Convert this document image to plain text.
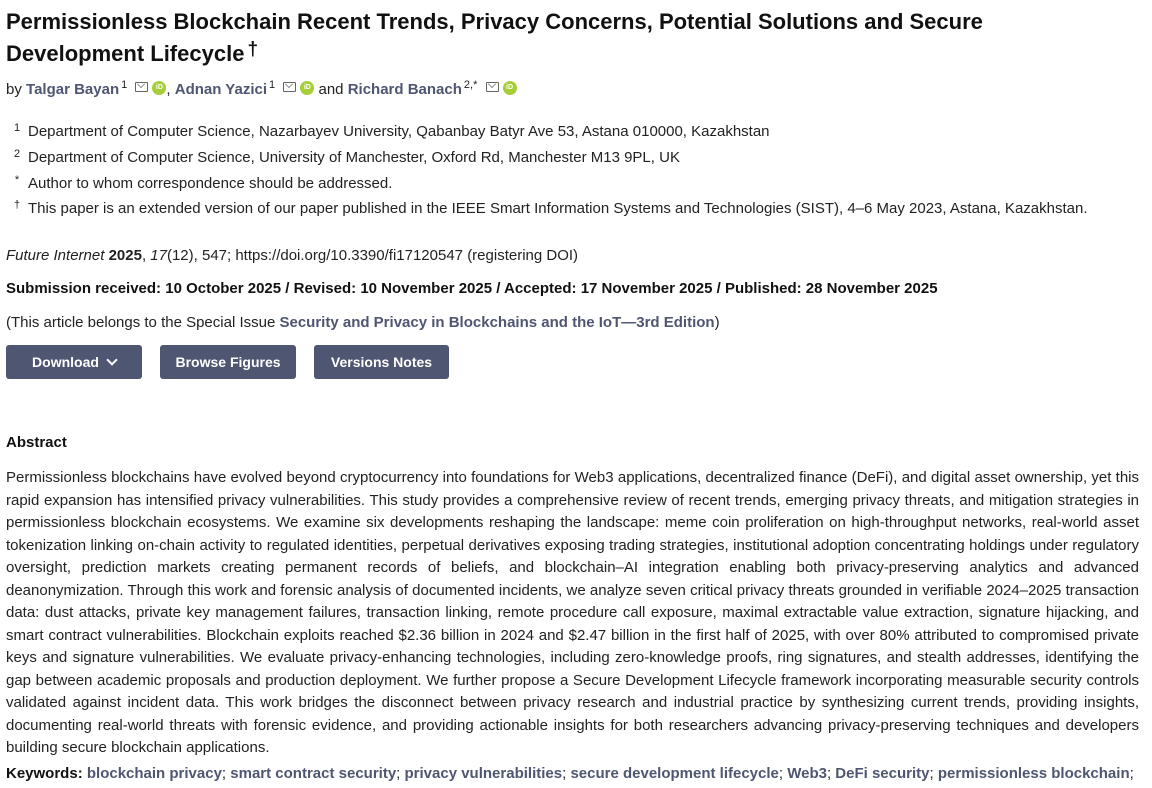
Permissionless Blockchain Recent Trends, Privacy Concerns, Potential Solutions and Secure Development Lifecycle †
by Talgar Bayan $^1$	iD , Adnan Yazici $^1$	iD and Richard Banach $^{2,*}$	iD
1 Department of Computer Science, Nazarbayev University, Qabanbay Batyr Ave 53, Astana 010000, Kazakhstan
2 Department of Computer Science, University of Manchester, Oxford Rd, Manchester M13 9PL, UK
* Author to whom correspondence should be addressed.
† This paper is an extended version of our paper published in the IEEE Smart Information Systems and Technologies (SIST), 4–6 May 2023, Astana, Kazakhstan.
Future Internet 2025, 17(12), 547; https://doi.org/10.3390/fi17120547 (registering DOI)
Submission received: 10 October 2025 / Revised: 10 November 2025 / Accepted: 17 November 2025 / Published: 28 November 2025
(This article belongs to the Special Issue Security and Privacy in Blockchains and the IoT—3rd Edition)
Download	Browse Figures	Versions Notes
Abstract

Permissionless blockchains have evolved beyond cryptocurrency into foundations for Web3 applications, decentralized finance (DeFi), and digital asset ownership, yet this rapid expansion has intensified privacy vulnerabilities. This study provides a comprehensive review of recent trends, emerging privacy threats, and mitigation strategies in permissionless blockchain ecosystems. We examine six developments reshaping the landscape: meme coin proliferation on high-throughput networks, real-world asset tokenization linking on-chain activity to regulated identities, perpetual derivatives exposing trading strategies, institutional adoption concentrating holdings under regulatory oversight, prediction markets creating permanent records of beliefs, and blockchain–AI integration enabling both privacy-preserving analytics and advanced deanonymization. Through this work and forensic analysis of documented incidents, we analyze seven critical privacy threats grounded in verifiable 2024–2025 transaction data: dust attacks, private key management failures, transaction linking, remote procedure call exposure, maximal extractable value extraction, signature hijacking, and smart contract vulnerabilities. Blockchain exploits reached $2.36 billion in 2024 and $2.47 billion in the first half of 2025, with over 80% attributed to compromised private keys and signature vulnerabilities. We evaluate privacy-enhancing technologies, including zero-knowledge proofs, ring signatures, and stealth addresses, identifying the gap between academic proposals and production deployment. We further propose a Secure Development Lifecycle framework incorporating measurable security controls validated against incident data. This work bridges the disconnect between privacy research and industrial practice by synthesizing current trends, providing insights, documenting real-world threats with forensic evidence, and providing actionable insights for both researchers advancing privacy-preserving techniques and developers building secure blockchain applications.

Keywords: blockchain privacy; smart contract security; privacy vulnerabilities; secure development lifecycle; Web3; DeFi security; permissionless blockchain;
